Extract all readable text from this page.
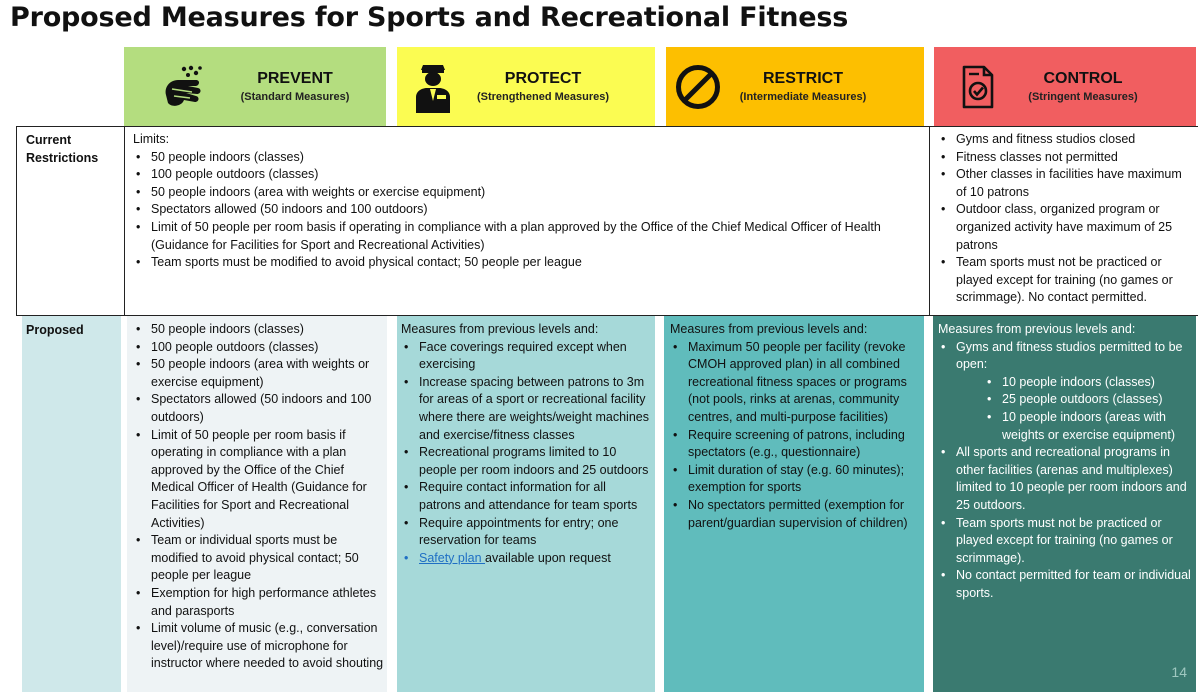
Proposed Measures for Sports and Recreational Fitness
PREVENT
(Standard Measures)
PROTECT
(Strengthened Measures)
RESTRICT
(Intermediate Measures)
CONTROL
(Stringent Measures)
Current Restrictions

Limits:

• 50 people indoors (classes)
• 100 people outdoors (classes)
• 50 people indoors (area with weights or exercise equipment)
• Spectators allowed (50 indoors and 100 outdoors)
• Limit of 50 people per room basis if operating in compliance with a plan approved by the Office of the Chief Medical Officer of Health (Guidance for Facilities for Sport and Recreational Activities)
• Team sports must be modified to avoid physical contact; 50 people per league
• Gyms and fitness studios closed
• Fitness classes not permitted
• Other classes in facilities have maximum of 10 patrons
• Outdoor class, organized program or organized activity have maximum of 25 patrons
• Team sports must not be practiced or played except for training (no games or scrimmage). No contact permitted.
Proposed
•	50 people indoors (classes)
• 100 people outdoors (classes)
• 50 people indoors (area with weights or exercise equipment)
• Spectators allowed (50 indoors and 100 outdoors)
• Limit of 50 people per room basis if operating in compliance with a plan approved by the Office of the Chief Medical Officer of Health (Guidance for Facilities for Sport and Recreational Activities)
• Team or individual sports must be modified to avoid physical contact; 50 people per league
• Exemption for high performance athletes and parasports
• Limit volume of music (e.g., conversation level)/require use of microphone for instructor where needed to avoid shouting

Measures from previous levels and:

• Face coverings required except when exercising
• Increase spacing between patrons to 3m for areas of a sport or recreational facility where there are weights/weight machines and exercise/fitness classes
• Recreational programs limited to 10 people per room indoors and 25 outdoors
• Require contact information for all patrons and attendance for team sports
• Require appointments for entry; one reservation for teams
• Safety plan available upon request

Measures from previous levels and:

• Maximum 50 people per facility (revoke CMOH approved plan) in all combined recreational fitness spaces or programs (not pools, rinks at arenas, community centres, and multi-purpose facilities)
• Require screening of patrons, including spectators (e.g., questionnaire)
• Limit duration of stay (e.g. 60 minutes); exemption for sports
• No spectators permitted (exemption for parent/guardian supervision of children)

Measures from previous levels and:

• Gyms and fitness studios permitted to be open:
• 10 people indoors (classes)
• 25 people outdoors (classes)
• 10 people indoors (areas with weights or exercise equipment)
• All sports and recreational programs in other facilities (arenas and multiplexes) limited to 10 people per room indoors and 25 outdoors.
• Team sports must not be practiced or played except for training (no games or scrimmage).
• No contact permitted for team or individual sports.
14
